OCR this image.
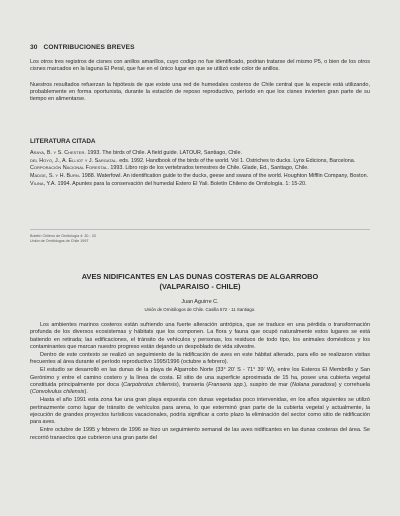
30 CONTRIBUCIONES BREVES

Los otros tres registros de cisnes con anillos amarillos, cuyo codigo no fue identificado, podrian tratarse del mismo P5, o bien de los otros cisnes marcados en la laguna El Peral, que fue en el único lugar en que se utilizó este color de anillos.

Nuestros resultados refuerzan la hipótesis de que existe una red de humedales costeros de Chile central que la especie está utilizando, probablemente en forma oportunista, durante la estación de reposo reproductivo, período en que los cisnes invierten gran parte de su tiempo en alimentarse.

LITERATURA CITADA

Araya, B. y S. Chester. 1993. The birds of Chile. A field guide. LATOUR, Santiago, Chile.

del Hoyo, J., A. Elliot y J. Sargatal. eds. 1992. Handbook of the birds of the world. Vol 1. Ostriches to ducks. Lynx Edicions, Barcelona.

Corporación Nacional Forestal. 1993. Libro rojo de los vertebrados terrestres de Chile. Glade, Ed., Santiago, Chile.

Madge, S. y H. Burn. 1988. Waterfowl. An identification guide to the ducks, geese and swans of the world. Houghton Mifflin Company, Boston.

Vilina, Y.A. 1994. Apuntes para la conservación del humedal Estero El Yali. Boletín Chileno de Ornitología. 1: 15-20.

Boletín Chileno de Ornitología 4: 30 - 33
Unión de Ornitólogos de Chile 1997
AVES NIDIFICANTES EN LAS DUNAS COSTERAS DE ALGARROBO
(VALPARAISO - CHILE)
Juan Aguirre C.
Unión de Ornitólogos de Chile. Casilla 572 - 11 Santiago.

Los ambientes marinos costeros están sufriendo una fuerte alteración antrópica, que se traduce en una pérdida o transformación profunda de los diversos ecosistemas y hábitats que los componen. La flora y fauna que ocupó naturalmente estos lugares se está batiendo en retirada; las edificaciones, el tránsito de vehículos y personas, los residuos de todo tipo, los animales domésticos y los contaminantes que marcan nuestro progreso están dejando un despoblado de vida silvestre.

Dentro de este contexto se realizó un seguimiento de la nidificación de aves en este hábitat alterado, para ello se realizaron visitas frecuentes al área durante el período reproductivo 1995/1996 (octubre a febrero).

El estudio se desarrolló en las dunas de la playa de Algarrobo Norte (33° 20' S - 71° 39' W), entre los Esteros El Membrillo y San Gerónimo y entre el camino costero y la línea de costa. El sitio de una superficie aproximada de 15 ha, posee una cubierta vegetal constituida principalmente por doca (Carpobrotus chilensis), transeria (Franseria spp.), suspiro de mar (Nolana paradoxa) y correhuela (Convolvulus chilensis).

Hasta el año 1991 esta zona fue una gran playa expuesta con dunas vegetadas poco intervenidas, en los años siguientes se utilizó pertinazmente como lugar de tránsito de vehículos para arena, lo que exterminó gran parte de la cubierta vegetal y actualmente, la ejecución de grandes proyectos turísticos vacacionales, podría significar a corto plazo la eliminación del sector como sitio de nidificación para aves.

Entre octubre de 1995 y febrero de 1996 se hizo un seguimiento semanal de las aves nidificantes en las dunas costeras del área. Se recorrió transectos que cubrieron una gran parte del
